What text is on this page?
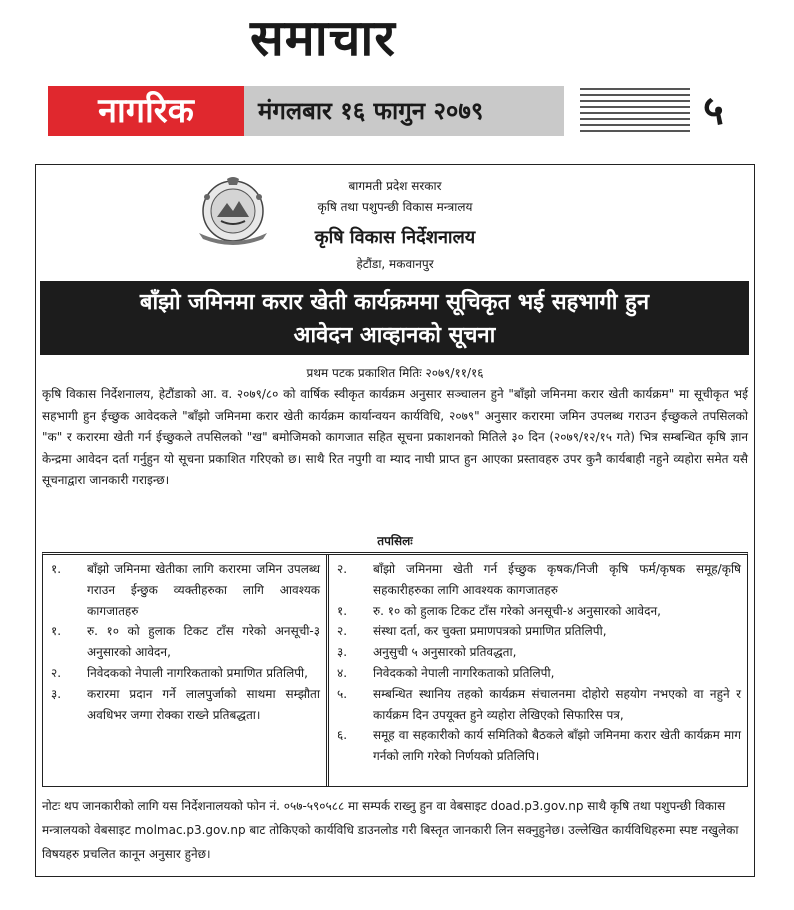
समाचार
नागरिक	मंगलबार १६ फागुन २०७९	५
बागमती प्रदेश सरकार
कृषि तथा पशुपन्छी विकास मन्त्रालय
कृषि विकास निर्देशनालय
हेटौंडा, मकवानपुर
बाँझो जमिनमा करार खेती कार्यक्रममा सूचिकृत भई सहभागी हुन
आवेदन आव्हानको सूचना
प्रथम पटक प्रकाशित मितिः २०७९/११/१६

कृषि विकास निर्देशनालय, हेटौंडाको आ. व. २०७९/८० को वार्षिक स्वीकृत कार्यक्रम अनुसार सञ्चालन हुने "बाँझो जमिनमा करार खेती कार्यक्रम" मा सूचीकृत भई सहभागी हुन ईच्छुक आवेदकले "बाँझो जमिनमा करार खेती कार्यक्रम कार्यान्वयन कार्यविधि, २०७९" अनुसार करारमा जमिन उपलब्ध गराउन ईच्छुकले तपसिलको "क" र करारमा खेती गर्न ईच्छुकले तपसिलको "ख" बमोजिमको कागजात सहित सूचना प्रकाशनको मितिले ३० दिन (२०७९/१२/१५ गते) भित्र सम्बन्धित कृषि ज्ञान केन्द्रमा आवेदन दर्ता गर्नुहुन यो सूचना प्रकाशित गरिएको छ। साथै रित नपुगी वा म्याद नाघी प्राप्त हुन आएका प्रस्तावहरु उपर कुनै कार्यबाही नहुने व्यहोरा समेत यसै सूचनाद्वारा जानकारी गराइन्छ।

तपसिलः
१.	बाँझो जमिनमा खेतीका लागि करारमा जमिन उपलब्ध गराउन ईन्छुक व्यक्तीहरुका लागि आवश्यक कागजातहरु
१.	रु. १० को हुलाक टिकट टाँस गरेको अनसूची-३ अनुसारको आवेदन,
२.	निवेदकको नेपाली नागरिकताको प्रमाणित प्रतिलिपी,
३.	करारमा प्रदान गर्ने लालपुर्जाको साथमा सम्झौता अवधिभर जग्गा रोक्का राख्ने प्रतिबद्धता।
२.	बाँझो जमिनमा खेती गर्न ईच्छुक कृषक/निजी कृषि फर्म/कृषक समूह/कृषि सहकारीहरुका लागि आवश्यक कागजातहरु
१.	रु. १० को हुलाक टिकट टाँस गरेको अनसूची-४ अनुसारको आवेदन,
२.	संस्था दर्ता, कर चुक्ता प्रमाणपत्रको प्रमाणित प्रतिलिपी,
३.	अनुसुची ५ अनुसारको प्रतिवद्धता,
४.	निवेदकको नेपाली नागरिकताको प्रतिलिपी,
५.	सम्बन्धित स्थानिय तहको कार्यक्रम संचालनमा दोहोरो सहयोग नभएको वा नहुने र कार्यक्रम दिन उपयूक्त हुने व्यहोरा लेखिएको सिफारिस पत्र,
६.	समूह वा सहकारीको कार्य समितिको बैठकले बाँझो जमिनमा करार खेती कार्यक्रम माग गर्नको लागि गरेको निर्णयको प्रतिलिपि।

नोटः थप जानकारीको लागि यस निर्देशनालयको फोन नं. ०५७-५९०५८८ मा सम्पर्क राख्नु हुन वा वेबसाइट doad.p3.gov.np साथै कृषि तथा पशुपन्छी विकास मन्त्रालयको वेबसाइट molmac.p3.gov.np बाट तोकिएको कार्यविधि डाउनलोड गरी बिस्तृत जानकारी लिन सक्नुहुनेछ। उल्लेखित कार्यविधिहरुमा स्पष्ट नखुलेका विषयहरु प्रचलित कानून अनुसार हुनेछ।
